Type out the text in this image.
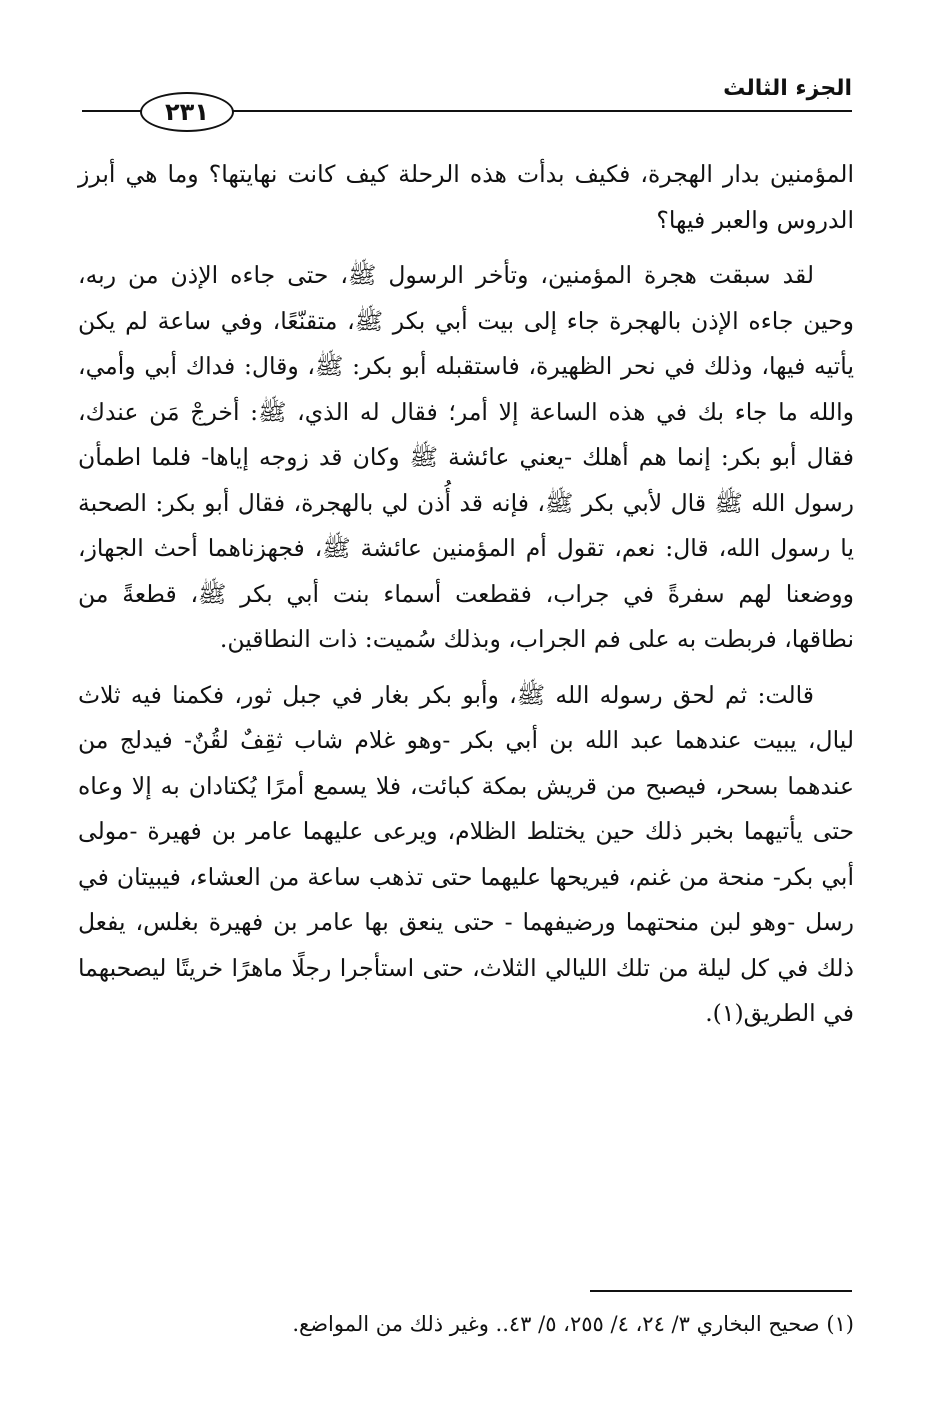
الجزء الثالث
٢٣١

المؤمنين بدار الهجرة، فكيف بدأت هذه الرحلة كيف كانت نهايتها؟ وما هي أبرز الدروس والعبر فيها؟

لقد سبقت هجرة المؤمنين، وتأخر الرسول ﷺ، حتى جاءه الإذن من ربه، وحين جاءه الإذن بالهجرة جاء إلى بيت أبي بكر ﷺ، متقنّعًا، وفي ساعة لم يكن يأتيه فيها، وذلك في نحر الظهيرة، فاستقبله أبو بكر: ﷺ، وقال: فداك أبي وأمي، والله ما جاء بك في هذه الساعة إلا أمر؛ فقال له الذي، ﷺ: أخرجْ مَن عندك، فقال أبو بكر: إنما هم أهلك -يعني عائشة ﷺ وكان قد زوجه إياها- فلما اطمأن رسول الله ﷺ قال لأبي بكر ﷺ، فإنه قد أُذن لي بالهجرة، فقال أبو بكر: الصحبة يا رسول الله، قال: نعم، تقول أم المؤمنين عائشة ﷺ، فجهزناهما أحث الجهاز، ووضعنا لهم سفرةً في جراب، فقطعت أسماء بنت أبي بكر ﷺ، قطعةً من نطاقها، فربطت به على فم الجراب، وبذلك سُميت: ذات النطاقين.

قالت: ثم لحق رسوله الله ﷺ، وأبو بكر بغار في جبل ثور، فكمنا فيه ثلاث ليال، يبيت عندهما عبد الله بن أبي بكر -وهو غلام شاب ثقِفٌ لقُنٌ- فيدلج من عندهما بسحر، فيصبح من قريش بمكة كبائت، فلا يسمع أمرًا يُكتادان به إلا وعاه حتى يأتيهما بخبر ذلك حين يختلط الظلام، ويرعى عليهما عامر بن فهيرة -مولى أبي بكر- منحة من غنم، فيريحها عليهما حتى تذهب ساعة من العشاء، فيبيتان في رسل -وهو لبن منحتهما ورضيفهما - حتى ينعق بها عامر بن فهيرة بغلس، يفعل ذلك في كل ليلة من تلك الليالي الثلاث، حتى استأجرا رجلًا ماهرًا خريتًا ليصحبهما في الطريق(١).

(١) صحيح البخاري ٣/ ٢٤، ٤/ ٢٥٥، ٥/ ٤٣.. وغير ذلك من المواضع.
